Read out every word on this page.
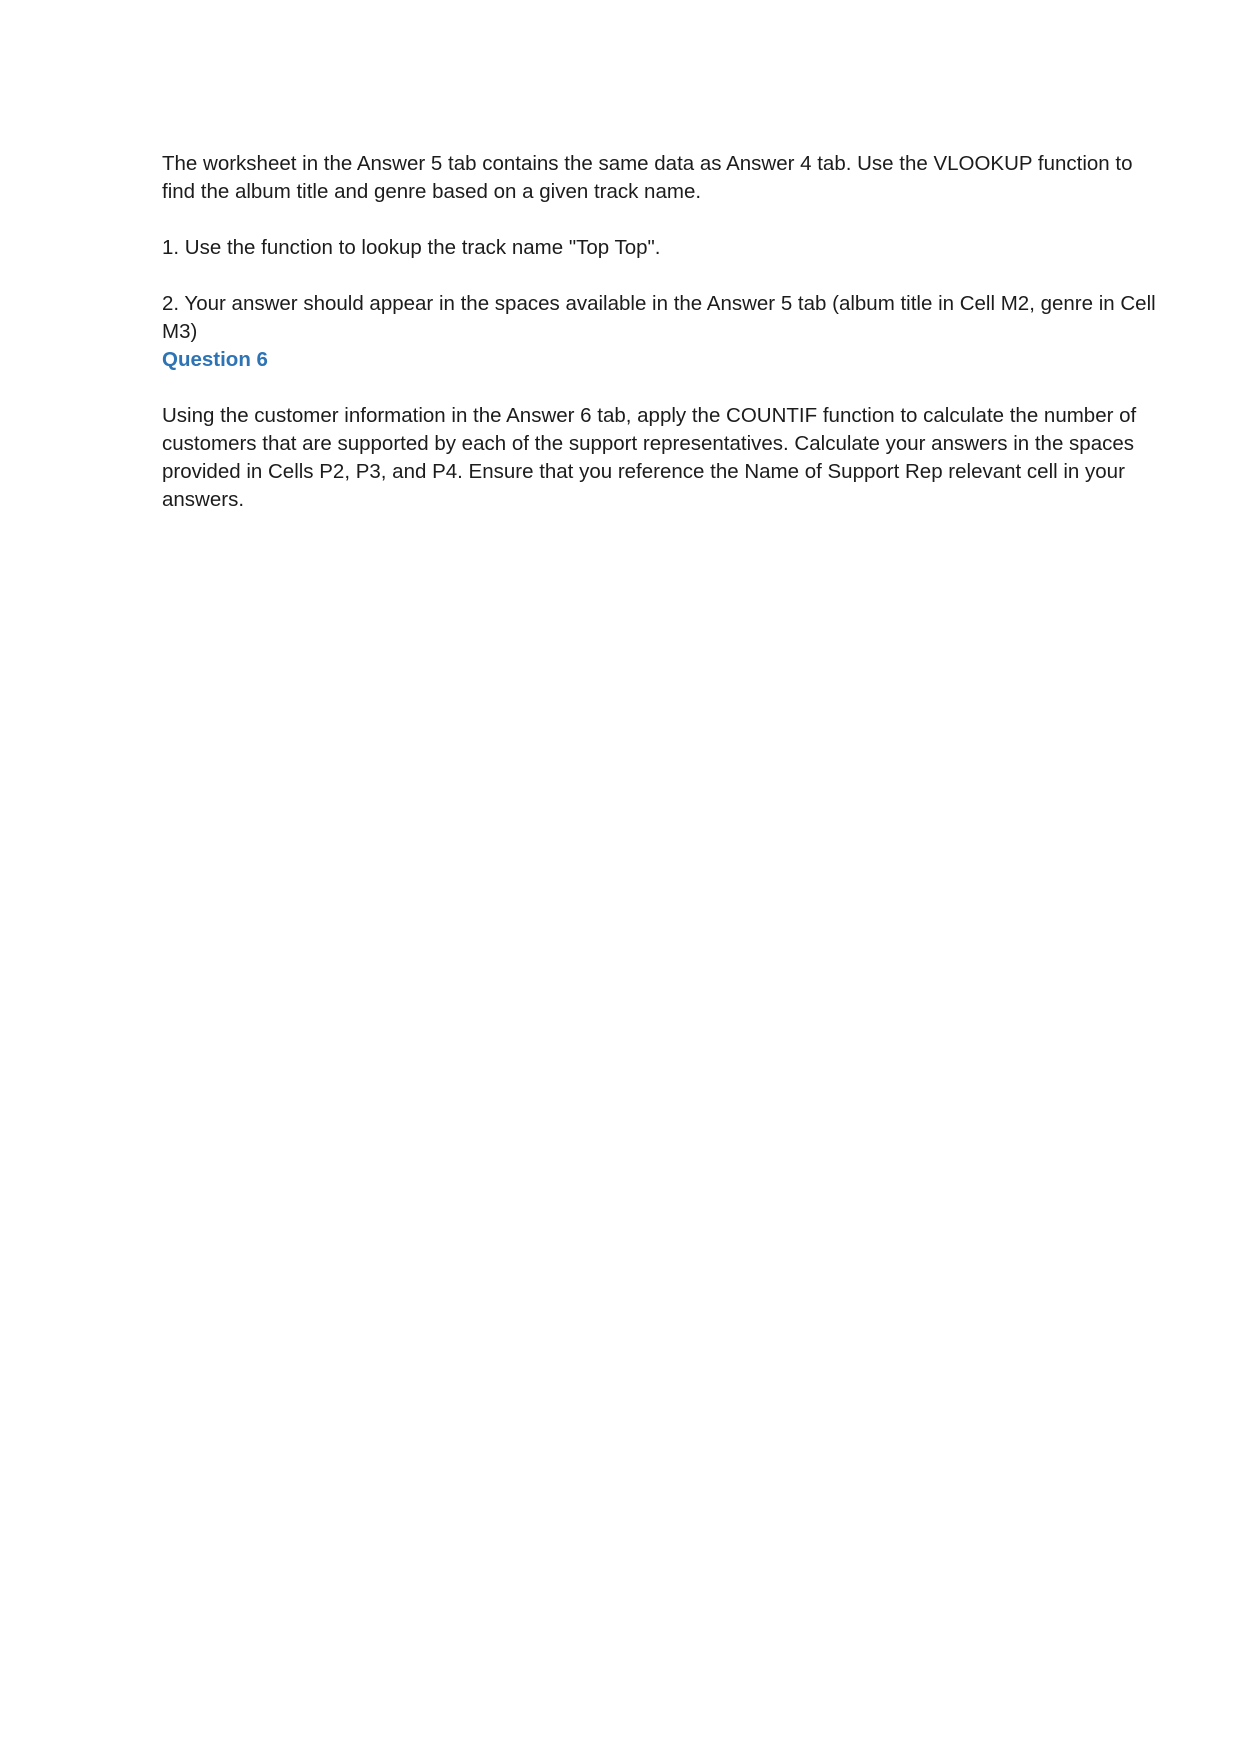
The worksheet in the Answer 5 tab contains the same data as Answer 4 tab. Use the VLOOKUP function to find the album title and genre based on a given track name.

1. Use the function to lookup the track name "Top Top".

2. Your answer should appear in the spaces available in the Answer 5 tab (album title in Cell M2, genre in Cell M3)

Question 6

Using the customer information in the Answer 6 tab, apply the COUNTIF function to calculate the number of customers that are supported by each of the support representatives. Calculate your answers in the spaces provided in Cells P2, P3, and P4. Ensure that you reference the Name of Support Rep relevant cell in your answers.
